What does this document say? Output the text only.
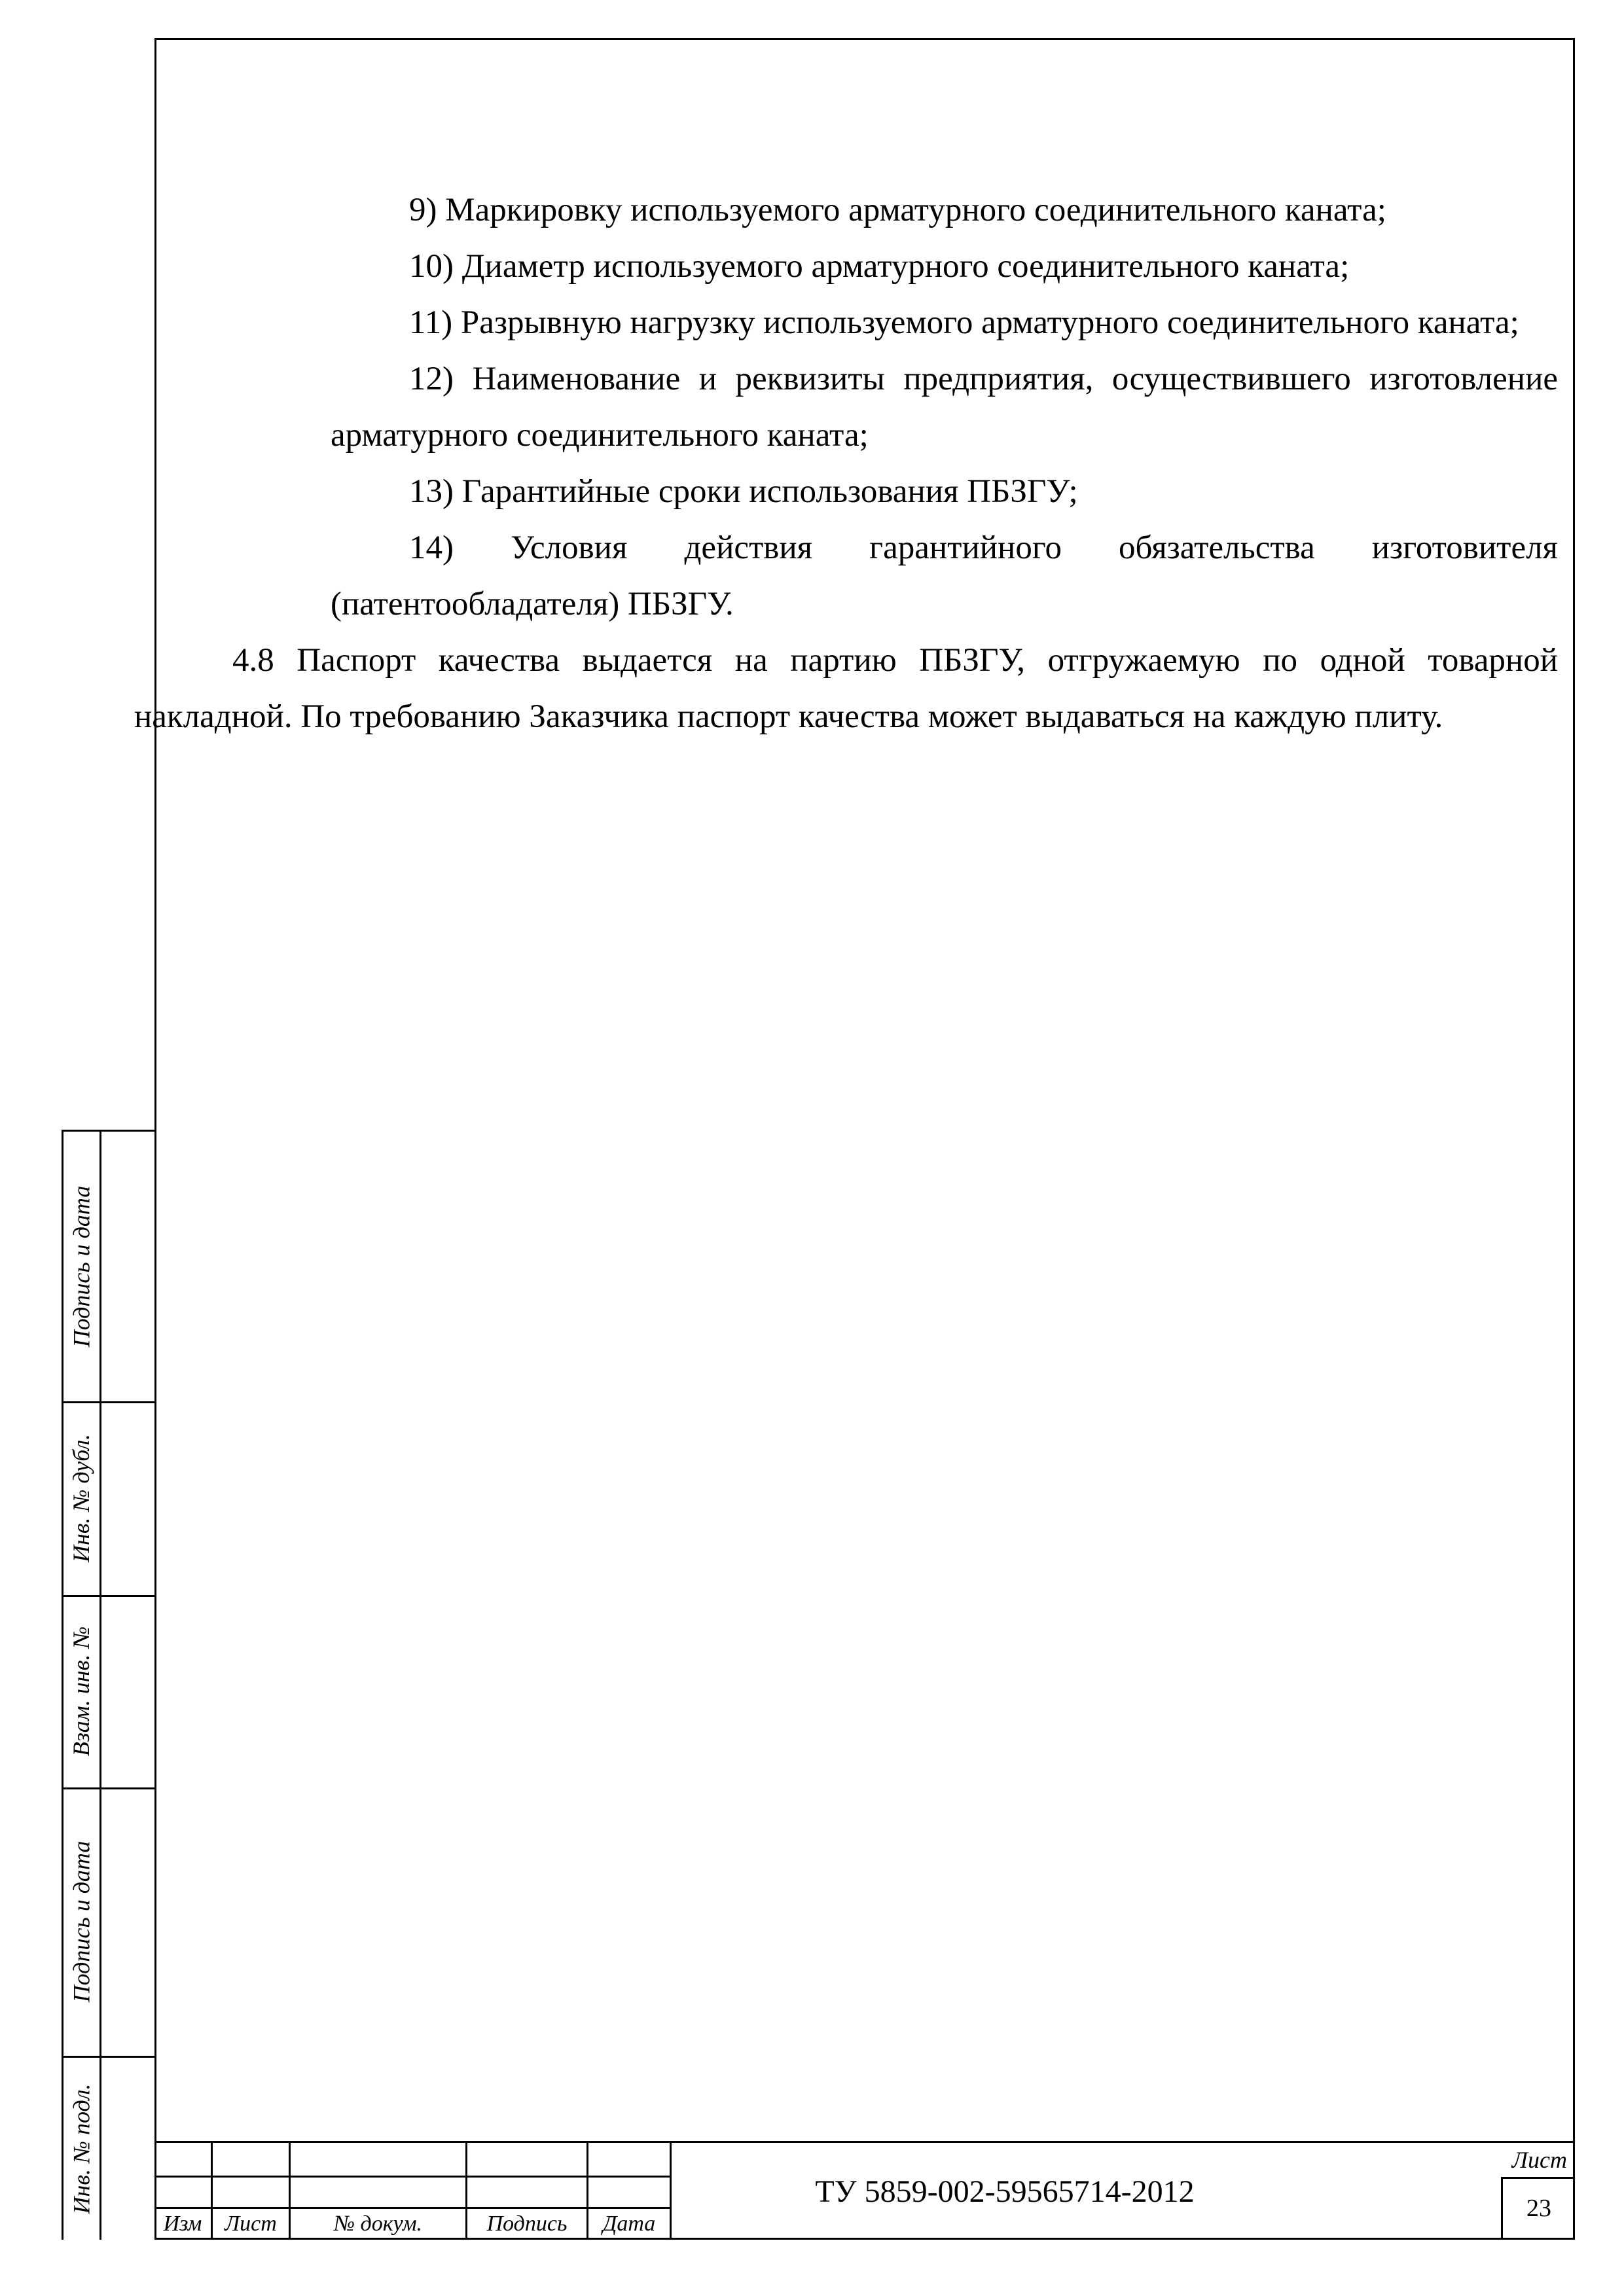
9) Маркировку используемого арматурного соединительного каната;

10) Диаметр используемого арматурного соединительного каната;

11) Разрывную нагрузку используемого арматурного соединительного каната;

12) Наименование и реквизиты предприятия, осуществившего изготовление арматурного соединительного каната;

13) Гарантийные сроки использования ПБЗГУ;

14) Условия действия гарантийного обязательства изготовителя (патентообладателя) ПБЗГУ.

4.8 Паспорт качества выдается на партию ПБЗГУ, отгружаемую по одной товарной накладной. По требованию Заказчика паспорт качества может выдаваться на каждую плиту.

Подпись и дата
Инв. № дубл.
Взам. инв. №
Подпись и дата
Инв. № подл.
Изм	Лист	№ докум.	Подпись	Дата
ТУ 5859-002-59565714-2012
Лист
23
